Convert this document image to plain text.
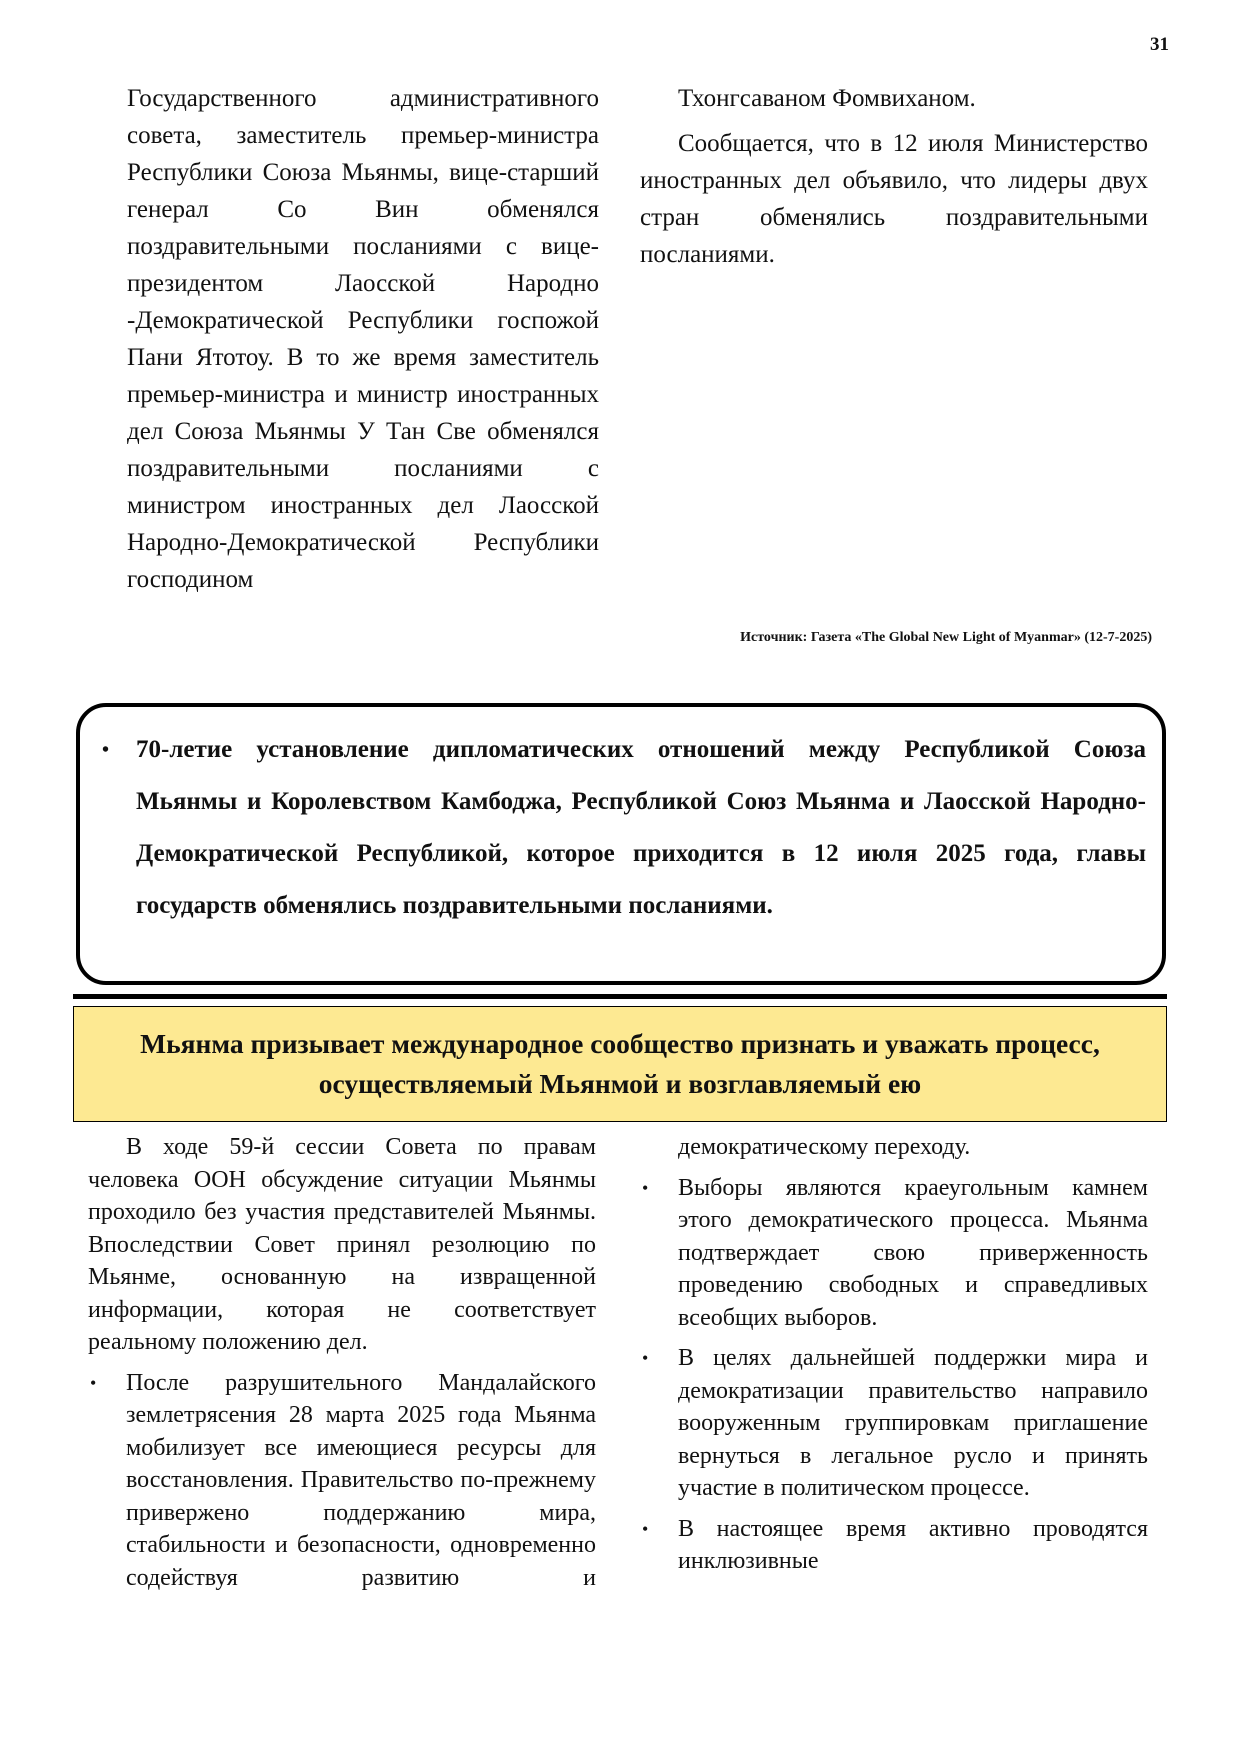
31

Государственного административного совета, заместитель премьер-министра Республики Союза Мьянмы, вице-старший генерал Со Вин обменялся поздравительными посланиями с вице-президентом Лаосской Народно -Демократической Республики госпожой Пани Ятотоу. В то же время заместитель премьер-министра и министр иностранных дел Союза Мьянмы У Тан Све обменялся поздравительными посланиями с министром иностранных дел Лаосской Народно-Демократической Республики господином

Тхонгсаваном Фомвиханом.

Сообщается, что в 12 июля Министерство иностранных дел объявило, что лидеры двух стран обменялись поздравительными посланиями.

Источник: Газета «The Global New Light of Myanmar» (12-7-2025)
• 70-летие установление дипломатических отношений между Республикой Союза Мьянмы и Королевством Камбоджа, Республикой Союз Мьянма и Лаосской Народно-Демократической Республикой, которое приходится в 12 июля 2025 года, главы государств обменялись поздравительными посланиями.
Мьянма призывает международное сообщество признать и уважать процесс, осуществляемый Мьянмой и возглавляемый ею

В ходе 59-й сессии Совета по правам человека ООН обсуждение ситуации Мьянмы проходило без участия представителей Мьянмы. Впоследствии Совет принял резолюцию по Мьянме, основанную на извращенной информации, которая не соответствует реальному положению дел.

• После разрушительного Мандалайского землетрясения 28 марта 2025 года Мьянма мобилизует все имеющиеся ресурсы для восстановления. Правительство по-прежнему привержено поддержанию мира, стабильности и безопасности, одновременно содействуя развитию и

демократическому переходу.

• Выборы являются краеугольным камнем этого демократического процесса. Мьянма подтверждает свою приверженность проведению свободных и справедливых всеобщих выборов.
• В целях дальнейшей поддержки мира и демократизации правительство направило вооруженным группировкам приглашение вернуться в легальное русло и принять участие в политическом процессе.
• В настоящее время активно проводятся инклюзивные
